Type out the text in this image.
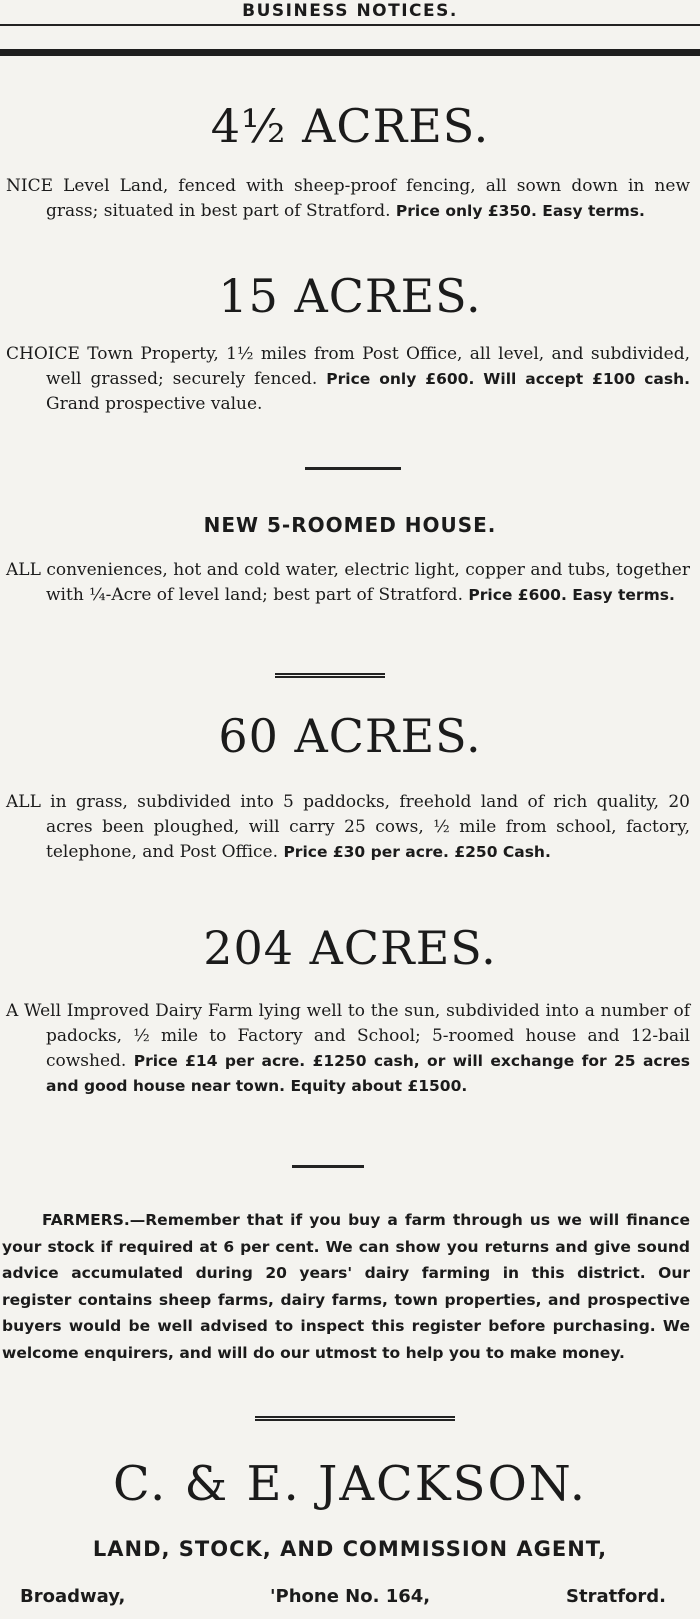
BUSINESS NOTICES.
4½ ACRES.
NICE Level Land, fenced with sheep-proof fencing, all sown down in new grass; situated in best part of Stratford. Price only £350. Easy terms.
15 ACRES.
CHOICE Town Property, 1½ miles from Post Office, all level, and subdivided, well grassed; securely fenced. Price only £600. Will accept £100 cash. Grand prospective value.
NEW 5-ROOMED HOUSE.
ALL conveniences, hot and cold water, electric light, copper and tubs, together with ¼-Acre of level land; best part of Stratford. Price £600. Easy terms.
60 ACRES.
ALL in grass, subdivided into 5 paddocks, freehold land of rich quality, 20 acres been ploughed, will carry 25 cows, ½ mile from school, factory, telephone, and Post Office. Price £30 per acre. £250 Cash.
204 ACRES.
A Well Improved Dairy Farm lying well to the sun, subdivided into a number of padocks, ½ mile to Factory and School; 5-roomed house and 12-bail cowshed. Price £14 per acre. £1250 cash, or will exchange for 25 acres and good house near town. Equity about £1500.
FARMERS.—Remember that if you buy a farm through us we will finance your stock if required at 6 per cent. We can show you returns and give sound advice accumulated during 20 years' dairy farming in this district. Our register contains sheep farms, dairy farms, town properties, and prospective buyers would be well advised to inspect this register before purchasing. We welcome enquirers, and will do our utmost to help you to make money.
C. & E. JACKSON.
LAND, STOCK, AND COMMISSION AGENT,
Broadway,	'Phone No. 164,	Stratford.
